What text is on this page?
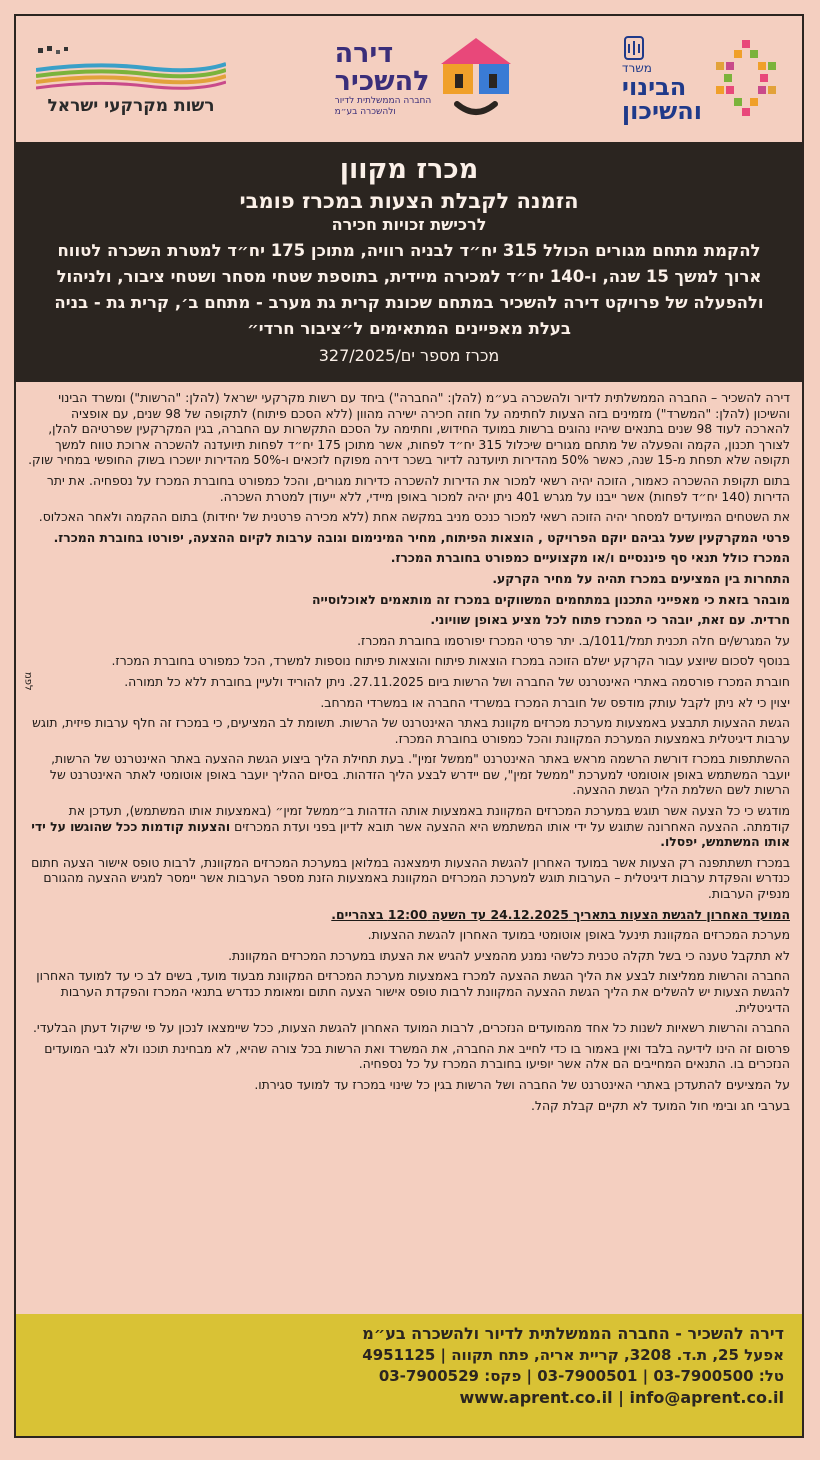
רשות מקרקעי ישראל
דירה
להשכיר
החברה הממשלתית לדיור
ולהשכרה בע״מ
משרד
הבינוי
והשיכון
מכרז מקוון
הזמנה לקבלת הצעות במכרז פומבי
לרכישת זכויות חכירה
להקמת מתחם מגורים הכולל 315 יח״ד לבניה רוויה, מתוכן 175 יח״ד למטרת השכרה לטווח ארוך למשך 15 שנה, ו-140 יח״ד למכירה מיידית, בתוספת שטחי מסחר ושטחי ציבור, ולניהול ולהפעלה של פרויקט דירה להשכיר במתחם שכונת קרית גת מערב - מתחם ב׳, קרית גת - בניה בעלת מאפיינים המתאימים ל״ציבור חרדי״
מכרז מספר ים/327/2025
לפמ

דירה להשכיר – החברה הממשלתית לדיור ולהשכרה בע״מ (להלן: "החברה") ביחד עם רשות מקרקעי ישראל (להלן: "הרשות") ומשרד הבינוי והשיכון (להלן: "המשרד") מזמינים בזה הצעות לחתימה על חוזה חכירה ישירה מהוון (ללא הסכם פיתוח) לתקופה של 98 שנים, עם אופציה להארכה לעוד 98 שנים בתנאים שיהיו נהוגים ברשות במועד החידוש, וחתימה על הסכם התקשרות עם החברה, בגין המקרקעין שפרטיהם להלן, לצורך תכנון, הקמה והפעלה של מתחם מגורים שיכלול 315 יח״ד לפחות, אשר מתוכן 175 יח״ד לפחות תיועדנה להשכרה ארוכת טווח למשך תקופה שלא תפחת מ-15 שנה, כאשר 50% מהדירות תיועדנה לדיור בשכר דירה מפוקח לזכאים ו-50% מהדירות יושכרו בשוק החופשי במחיר שוק.

בתום תקופת ההשכרה כאמור, הזוכה יהיה רשאי למכור את הדירות להשכרה כדירות מגורים, והכל כמפורט בחוברת המכרז על נספחיה. את יתר הדירות (140 יח״ד לפחות) אשר ייבנו על מגרש 401 ניתן יהיה למכור באופן מיידי, ללא ייעודן למטרת השכרה.

את השטחים המיועדים למסחר יהיה הזוכה רשאי למכור כנכס מניב במקשה אחת (ללא מכירה פרטנית של יחידות) בתום ההקמה ולאחר האכלוס.

פרטי המקרקעין שעל גביהם יוקם הפרויקט , הוצאות הפיתוח, מחיר המינימום וגובה ערבות לקיום ההצעה, יפורטו בחוברת המכרז.

המכרז כולל תנאי סף פיננסיים ו/או מקצועיים כמפורט בחוברת המכרז.

התחרות בין המציעים במכרז תהיה על מחיר הקרקע.

מובהר בזאת כי מאפייני התכנון במתחמים המשווקים במכרז זה מותאמים לאוכלוסייה

חרדית. עם זאת, יובהר כי המכרז פתוח לכל מציע באופן שוויוני.

על המגרש/ים חלה תכנית תמל/1011/ב. יתר פרטי המכרז יפורסמו בחוברת המכרז.

בנוסף לסכום שיוצע עבור הקרקע ישלם הזוכה במכרז הוצאות פיתוח והוצאות פיתוח נוספות למשרד, הכל כמפורט בחוברת המכרז.

חוברת המכרז פורסמה באתרי האינטרנט של החברה ושל הרשות ביום 27.11.2025. ניתן להוריד ולעיין בחוברת ללא כל תמורה.

יצוין כי לא ניתן לקבל עותק מודפס של חוברת המכרז במשרדי החברה או במשרדי המרחב.

הגשת ההצעות תתבצע באמצעות מערכת מכרזים מקוונת באתר האינטרנט של הרשות. תשומת לב המציעים, כי במכרז זה חלף ערבות פיזית, תוגש ערבות דיגיטלית באמצעות המערכת המקוונת והכל כמפורט בחוברת המכרז.

ההשתתפות במכרז דורשת הרשמה מראש באתר האינטרנט "ממשל זמין". בעת תחילת הליך ביצוע הגשת ההצעה באתר האינטרנט של הרשות, יועבר המשתמש באופן אוטומטי למערכת "ממשל זמין", שם יידרש לבצע הליך הזדהות. בסיום ההליך יועבר באופן אוטומטי לאתר האינטרנט של הרשות לשם השלמת הליך הגשת ההצעה.

מודגש כי כל הצעה אשר תוגש במערכת המכרזים המקוונת באמצעות אותה הזדהות ב״ממשל זמין״ (באמצעות אותו המשתמש), תעדכן את קודמתה. ההצעה האחרונה שתוגש על ידי אותו המשתמש היא ההצעה אשר תובא לדיון בפני ועדת המכרזים והצעות קודמות ככל שהוגשו על ידי אותו המשתמש, יפסלו.

במכרז תשתתפנה רק הצעות אשר במועד האחרון להגשת ההצעות תימצאנה במלואן במערכת המכרזים המקוונת, לרבות טופס אישור הצעה חתום כנדרש והפקדת ערבות דיגיטלית – הערבות תוגש למערכת המכרזים המקוונת באמצעות הזנת מספר הערבות אשר יימסר למגיש ההצעה מהגורם מנפיק הערבות.

המועד האחרון להגשת הצעות בתאריך 24.12.2025 עד השעה 12:00 בצהריים.

מערכת המכרזים המקוונת תינעל באופן אוטומטי במועד האחרון להגשת ההצעות.

לא תתקבל טענה כי בשל תקלה טכנית כלשהי נמנע מהמציע להגיש את הצעתו במערכת המכרזים המקוונת.

החברה והרשות ממליצות לבצע את הליך הגשת ההצעה למכרז באמצעות מערכת המכרזים המקוונת מבעוד מועד, בשים לב כי עד למועד האחרון להגשת הצעות יש להשלים את הליך הגשת ההצעה המקוונת לרבות טופס אישור הצעה חתום ומאומת כנדרש בתנאי המכרז והפקדת הערבות הדיגיטלית.

החברה והרשות רשאיות לשנות כל אחד מהמועדים הנזכרים, לרבות המועד האחרון להגשת הצעות, ככל שיימצאו לנכון על פי שיקול דעתן הבלעדי.

פרסום זה הינו לידיעה בלבד ואין באמור בו כדי לחייב את החברה, את המשרד ואת הרשות בכל צורה שהיא, לא מבחינת תוכנו ולא לגבי המועדים הנזכרים בו. התנאים המחייבים הם אלה אשר יופיעו בחוברת המכרז על כל נספחיה.

על המציעים להתעדכן באתרי האינטרנט של החברה ושל הרשות בגין כל שינוי במכרז עד למועד סגירתו.

בערבי חג ובימי חול המועד לא תקיים קבלת קהל.

דירה להשכיר - החברה הממשלתית לדיור ולהשכרה בע״מ
אפעל 25, ת.ד. 3208, קריית אריה, פתח תקווה | 4951125
טל: 03-7900500 | 03-7900501 | פקס: 03-7900529
www.aprent.co.il | info@aprent.co.il
